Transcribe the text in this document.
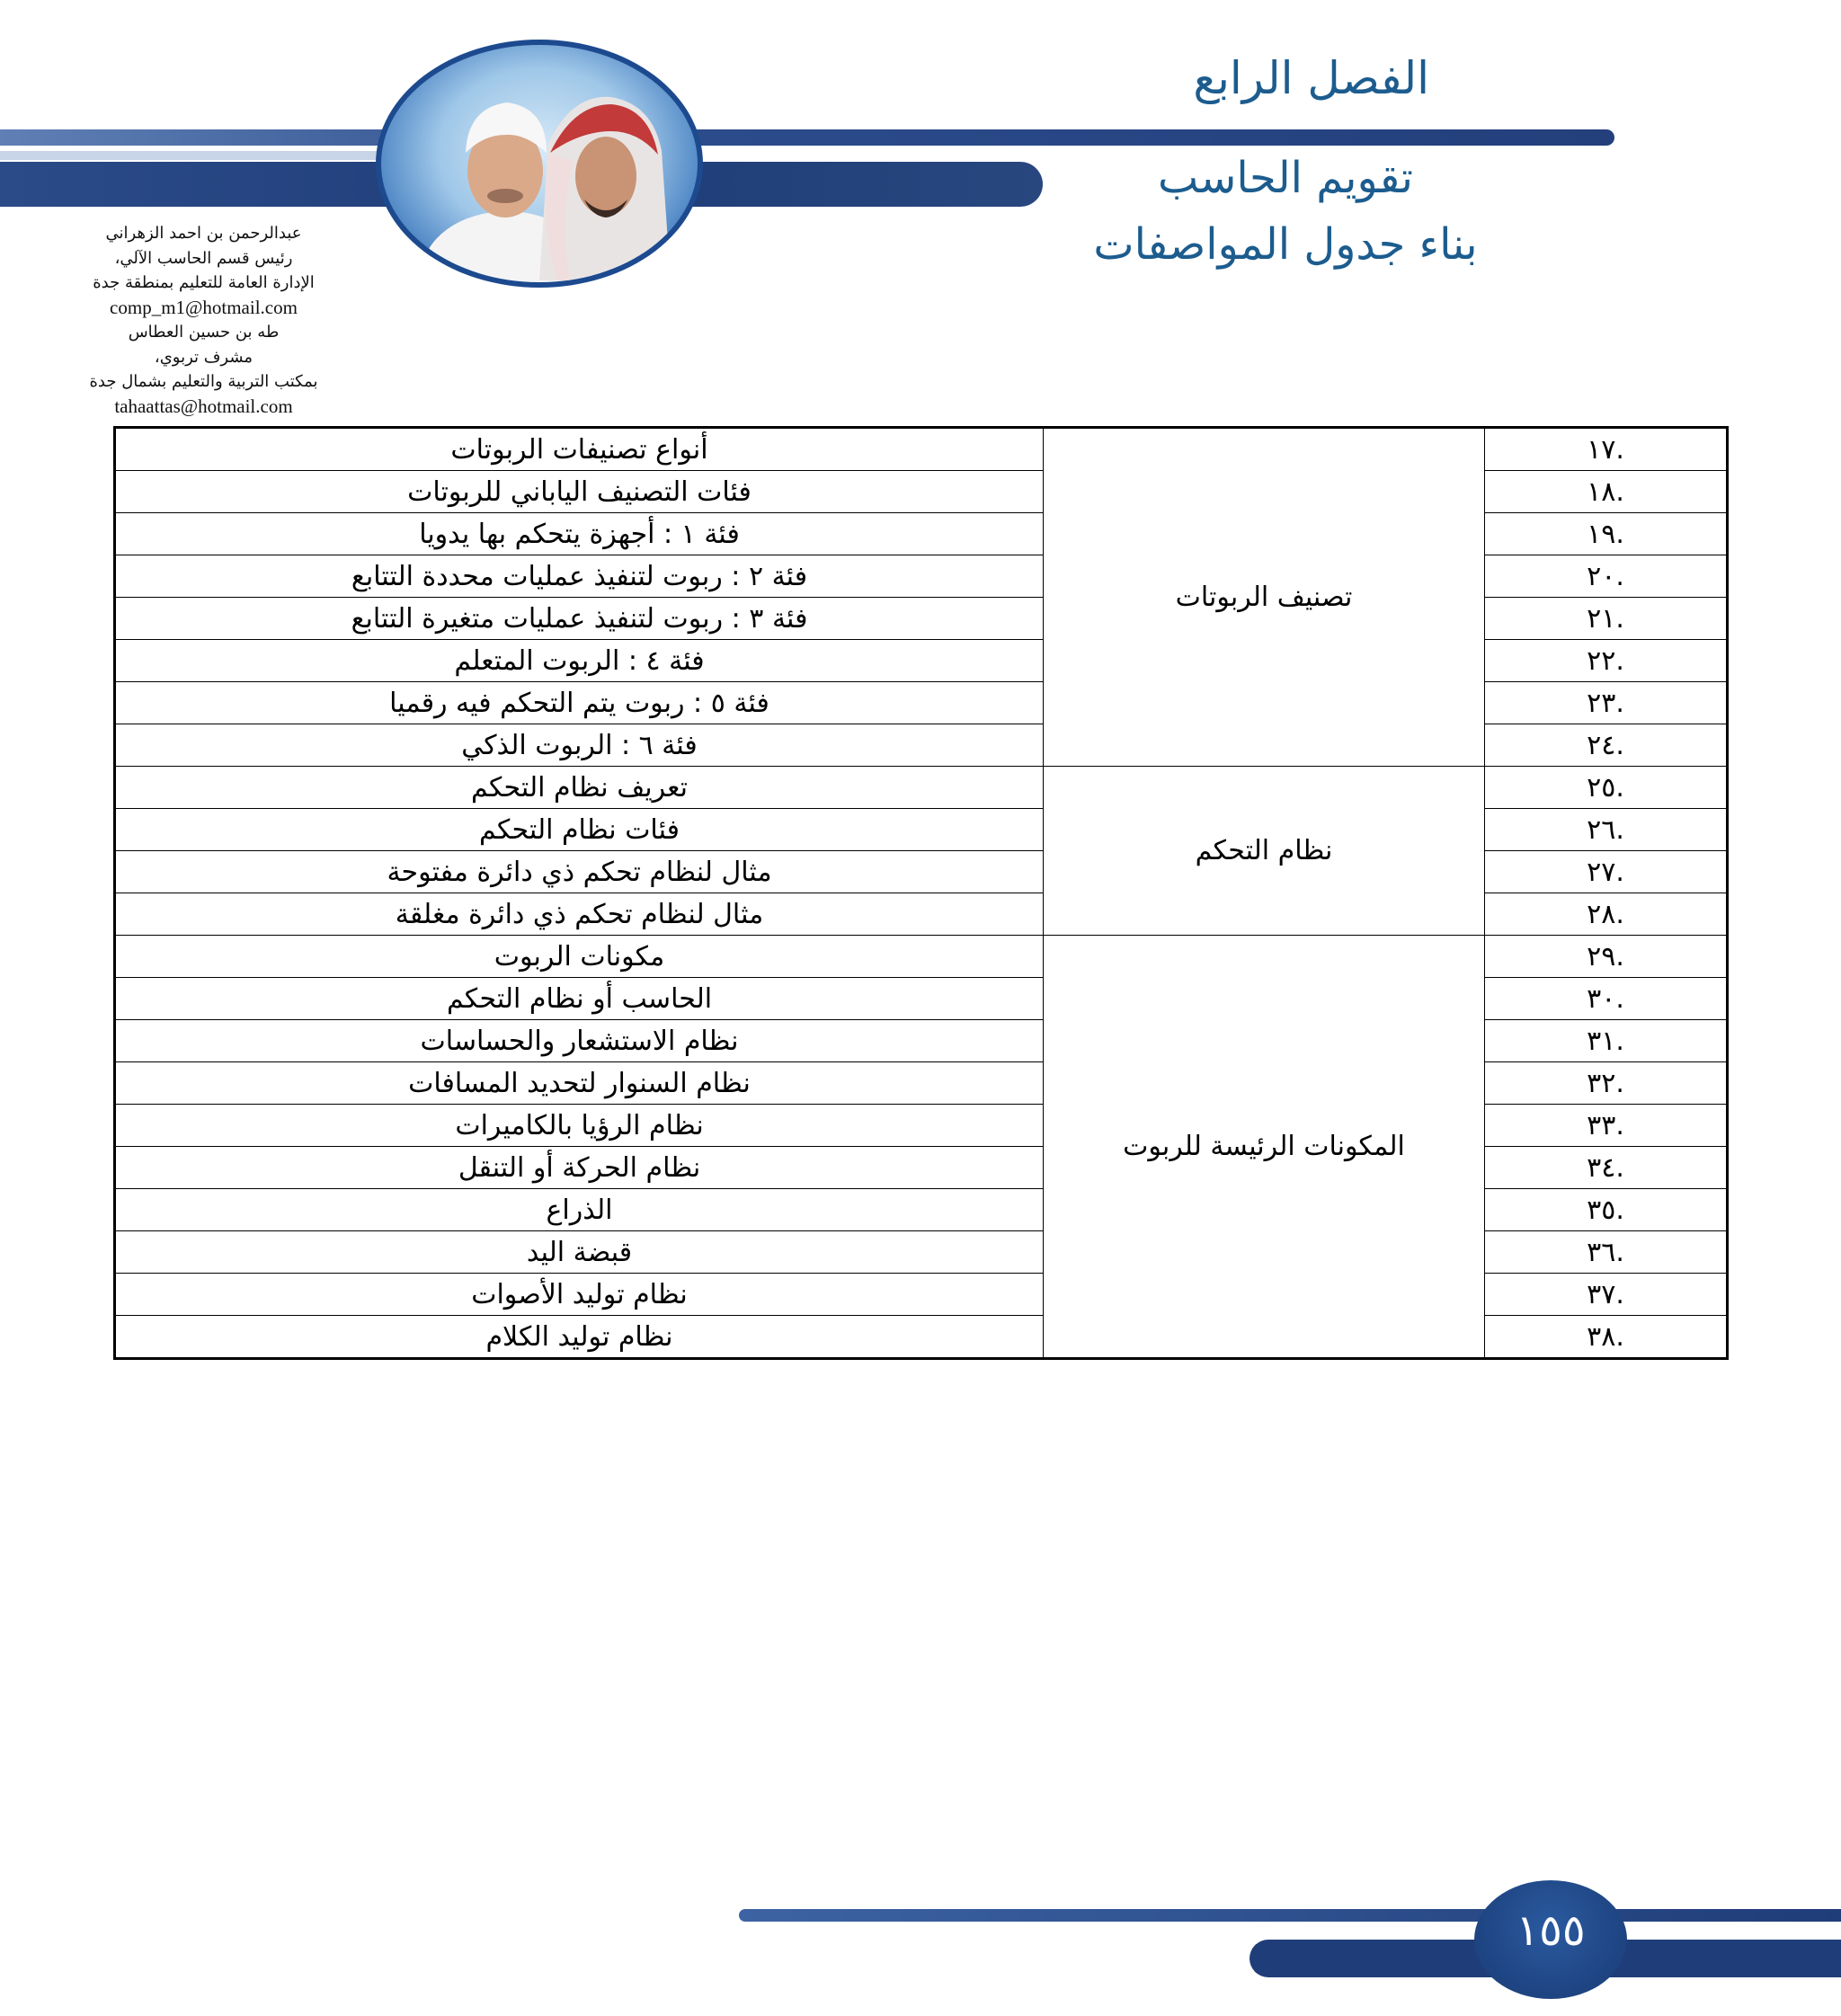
الفصل الرابع
تقويم الحاسب
بناء جدول المواصفات
عبدالرحمن بن احمد الزهراني
رئيس قسم الحاسب الآلي،
الإدارة العامة للتعليم بمنطقة جدة
comp_m1@hotmail.com
طه بن حسين العطاس
مشرف تربوي،
بمكتب التربية والتعليم بشمال جدة
tahaattas@hotmail.com
.١٧	تصنيف الربوتات	أنواع تصنيفات الربوتات
.١٨		فئات التصنيف الياباني للربوتات
.١٩		فئة ١ : أجهزة يتحكم بها يدويا
.٢٠		فئة ٢ : ربوت لتنفيذ عمليات محددة التتابع
.٢١		فئة ٣ : ربوت لتنفيذ عمليات متغيرة التتابع
.٢٢		فئة ٤ : الربوت المتعلم
.٢٣		فئة ٥ : ربوت يتم التحكم فيه رقميا
.٢٤		فئة ٦ : الربوت الذكي
.٢٥	نظام التحكم	تعريف نظام التحكم
.٢٦		فئات نظام التحكم
.٢٧		مثال لنظام تحكم ذي دائرة مفتوحة
.٢٨		مثال لنظام تحكم ذي دائرة مغلقة
.٢٩	المكونات الرئيسة للربوت	مكونات الربوت
.٣٠		الحاسب أو نظام التحكم
.٣١		نظام الاستشعار والحساسات
.٣٢		نظام السنوار لتحديد المسافات
.٣٣		نظام الرؤيا بالكاميرات
.٣٤		نظام الحركة أو التنقل
.٣٥		الذراع
.٣٦		قبضة اليد
.٣٧		نظام توليد الأصوات
.٣٨		نظام توليد الكلام
١٥٥
